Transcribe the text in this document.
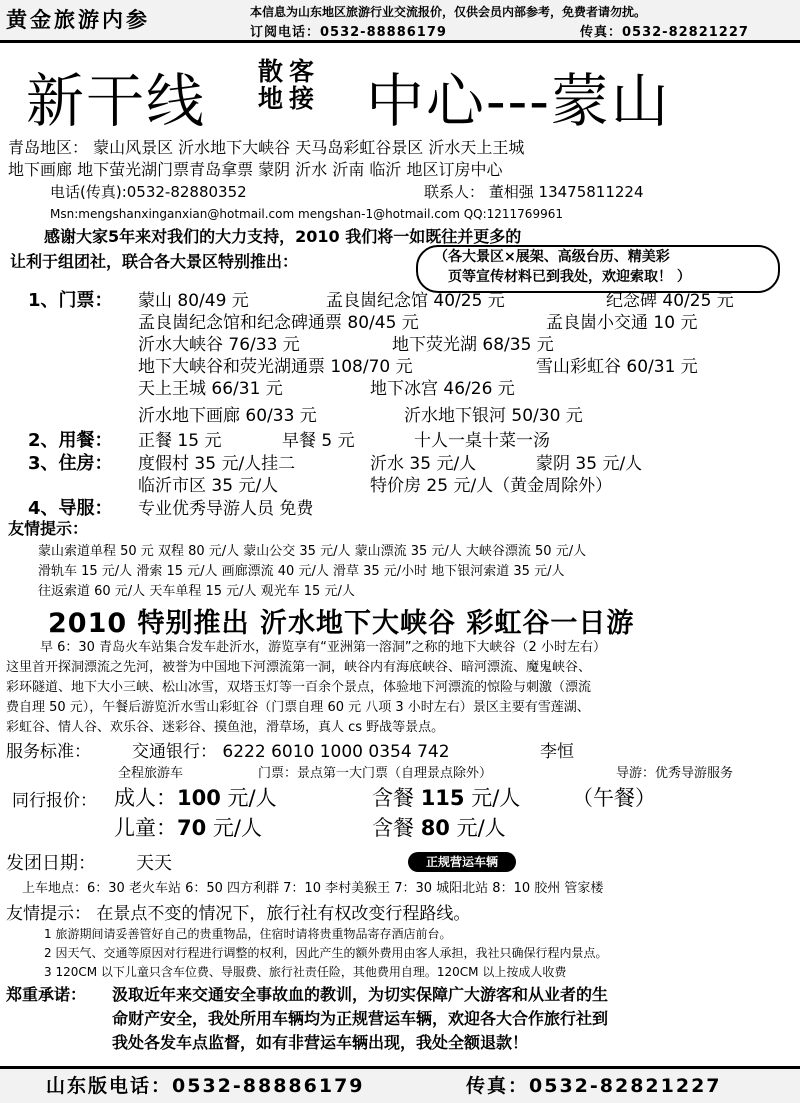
黄金旅游内参	本信息为山东地区旅游行业交流报价，仅供会员内部参考，免费者请勿扰。
订阅电话：0532-88886179	传真：0532-82821227
新干线 散客
地接 中心---蒙山
青岛地区： 蒙山风景区 沂水地下大峡谷 天马岛彩虹谷景区 沂水天上王城
地下画廊 地下萤光湖门票青岛拿票 蒙阴 沂水 沂南 临沂 地区订房中心
电话(传真):0532-82880352	联系人： 董相强 13475811224
Msn:mengshanxinganxian@hotmail.com mengshan-1@hotmail.com QQ:1211769961
感谢大家5年来对我们的大力支持，2010 我们将一如既往并更多的
让利于组团社，联合各大景区特别推出：	（各大景区×展架、高级台历、精美彩
页等宣传材料已到我处，欢迎索取！ ）
1、门票： 蒙山 80/49 元	孟良崮纪念馆 40/25 元	纪念碑 40/25 元
孟良崮纪念馆和纪念碑通票 80/45 元	孟良崮小交通 10 元
沂水大峡谷 76/33 元	地下荧光湖 68/35 元
地下大峡谷和荧光湖通票 108/70 元	雪山彩虹谷 60/31 元
天上王城 66/31 元	地下冰宫 46/26 元
沂水地下画廊 60/33 元	沂水地下银河 50/30 元
2、用餐： 正餐 15 元	早餐 5 元	十人一桌十菜一汤
3、住房： 度假村 35 元/人挂二	沂水 35 元/人	蒙阴 35 元/人
临沂市区 35 元/人	特价房 25 元/人（黄金周除外）
4、导服： 专业优秀导游人员 免费
友情提示：
蒙山索道单程 50 元 双程 80 元/人 蒙山公交 35 元/人 蒙山漂流 35 元/人 大峡谷漂流 50 元/人
滑轨车 15 元/人 滑索 15 元/人 画廊漂流 40 元/人 滑草 35 元/小时 地下银河索道 35 元/人
往返索道 60 元/人 天车单程 15 元/人 观光车 15 元/人
2010 特别推出 沂水地下大峡谷 彩虹谷一日游
早 6：30 青岛火车站集合发车赴沂水，游览享有“亚洲第一溶洞”之称的地下大峡谷（2 小时左右）
这里首开探洞漂流之先河，被誉为中国地下河漂流第一洞，峡谷内有海底峡谷、暗河漂流、魔鬼峡谷、
彩环隧道、地下大小三峡、松山冰雪，双塔玉灯等一百余个景点，体验地下河漂流的惊险与刺激（漂流
费自理 50 元），午餐后游览沂水雪山彩虹谷（门票自理 60 元 八项 3 小时左右）景区主要有雪莲湖、
彩虹谷、情人谷、欢乐谷、迷彩谷、摸鱼池，滑草场，真人 cs 野战等景点。
服务标准： 交通银行： 6222 6010 1000 0354 742	李恒
全程旅游车	门票：景点第一大门票（自理景点除外）	导游：优秀导游服务
同行报价： 成人：100 元/人	含餐 115 元/人 （午餐）
儿童：70 元/人	含餐 80 元/人
发团日期： 天天	正规营运车辆
上车地点：6：30 老火车站 6：50 四方利群 7：10 李村美猴王 7：30 城阳北站 8：10 胶州 管家楼
友情提示： 在景点不变的情况下，旅行社有权改变行程路线。
1 旅游期间请妥善管好自己的贵重物品，住宿时请将贵重物品寄存酒店前台。
2 因天气、交通等原因对行程进行调整的权利，因此产生的额外费用由客人承担，我社只确保行程内景点。
3 120CM 以下儿童只含车位费、导服费、旅行社责任险，其他费用自理。120CM 以上按成人收费
郑重承诺： 汲取近年来交通安全事故血的教训，为切实保障广大游客和从业者的生
命财产安全，我处所用车辆均为正规营运车辆，欢迎各大合作旅行社到
我处各发车点监督，如有非营运车辆出现，我处全额退款！
山东版电话：0532-88886179	传真：0532-82821227
